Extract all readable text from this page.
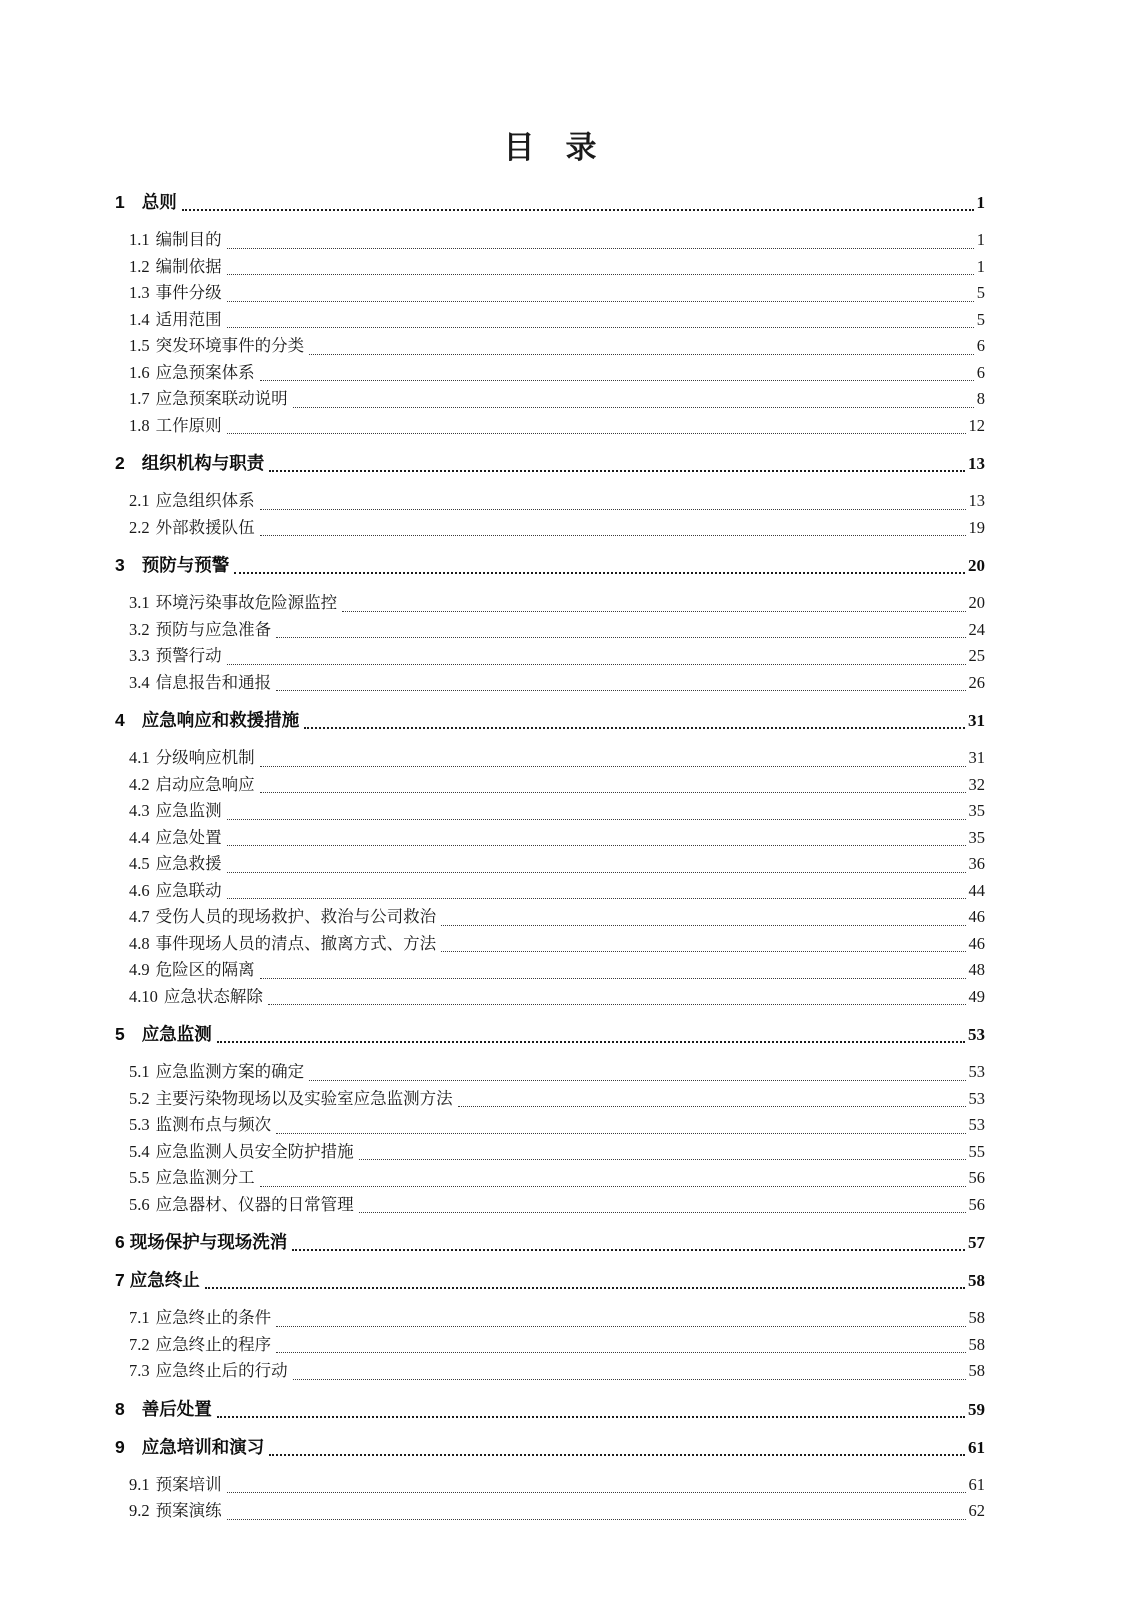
目　录
1 总则	1
1.1 编制目的	1
1.2 编制依据	1
1.3 事件分级	5
1.4 适用范围	5
1.5 突发环境事件的分类	6
1.6 应急预案体系	6
1.7 应急预案联动说明	8
1.8 工作原则	12
2 组织机构与职责	13
2.1 应急组织体系	13
2.2 外部救援队伍	19
3 预防与预警	20
3.1 环境污染事故危险源监控	20
3.2 预防与应急准备	24
3.3 预警行动	25
3.4 信息报告和通报	26
4 应急响应和救援措施	31
4.1 分级响应机制	31
4.2 启动应急响应	32
4.3 应急监测	35
4.4 应急处置	35
4.5 应急救援	36
4.6 应急联动	44
4.7 受伤人员的现场救护、救治与公司救治	46
4.8 事件现场人员的清点、撤离方式、方法	46
4.9 危险区的隔离	48
4.10 应急状态解除	49
5 应急监测	53
5.1 应急监测方案的确定	53
5.2 主要污染物现场以及实验室应急监测方法	53
5.3 监测布点与频次	53
5.4 应急监测人员安全防护措施	55
5.5 应急监测分工	56
5.6 应急器材、仪器的日常管理	56
6 现场保护与现场洗消	57
7 应急终止	58
7.1 应急终止的条件	58
7.2 应急终止的程序	58
7.3 应急终止后的行动	58
8 善后处置	59
9 应急培训和演习	61
9.1 预案培训	61
9.2 预案演练	62
